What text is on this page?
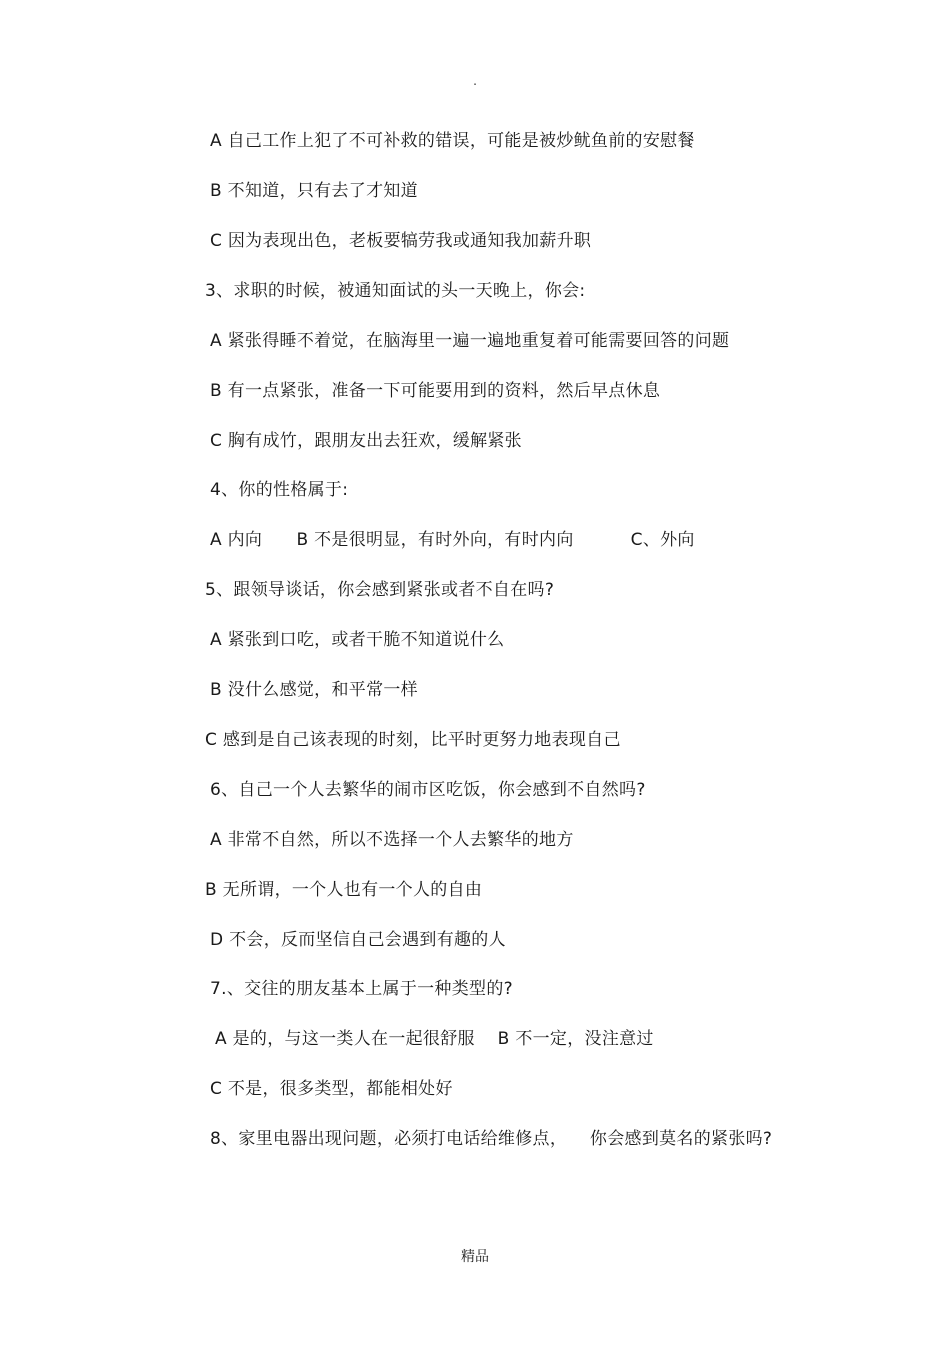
.
A 自己工作上犯了不可补救的错误，可能是被炒鱿鱼前的安慰餐
B 不知道，只有去了才知道
C 因为表现出色，老板要犒劳我或通知我加薪升职
3、求职的时候，被通知面试的头一天晚上，你会:
A 紧张得睡不着觉，在脑海里一遍一遍地重复着可能需要回答的问题
B 有一点紧张，准备一下可能要用到的资料，然后早点休息
C 胸有成竹，跟朋友出去狂欢，缓解紧张
4、你的性格属于:
A 内向      B 不是很明显，有时外向，有时内向          C、外向
5、跟领导谈话，你会感到紧张或者不自在吗?
A 紧张到口吃，或者干脆不知道说什么
B 没什么感觉，和平常一样
C 感到是自己该表现的时刻，比平时更努力地表现自己
6、自己一个人去繁华的闹市区吃饭，你会感到不自然吗?
A 非常不自然，所以不选择一个人去繁华的地方
B 无所谓，一个人也有一个人的自由
D 不会，反而坚信自己会遇到有趣的人
7.、交往的朋友基本上属于一种类型的?
A 是的，与这一类人在一起很舒服    B 不一定，没注意过
C 不是，很多类型，都能相处好
8、家里电器出现问题，必须打电话给维修点，    你会感到莫名的紧张吗?
精品
